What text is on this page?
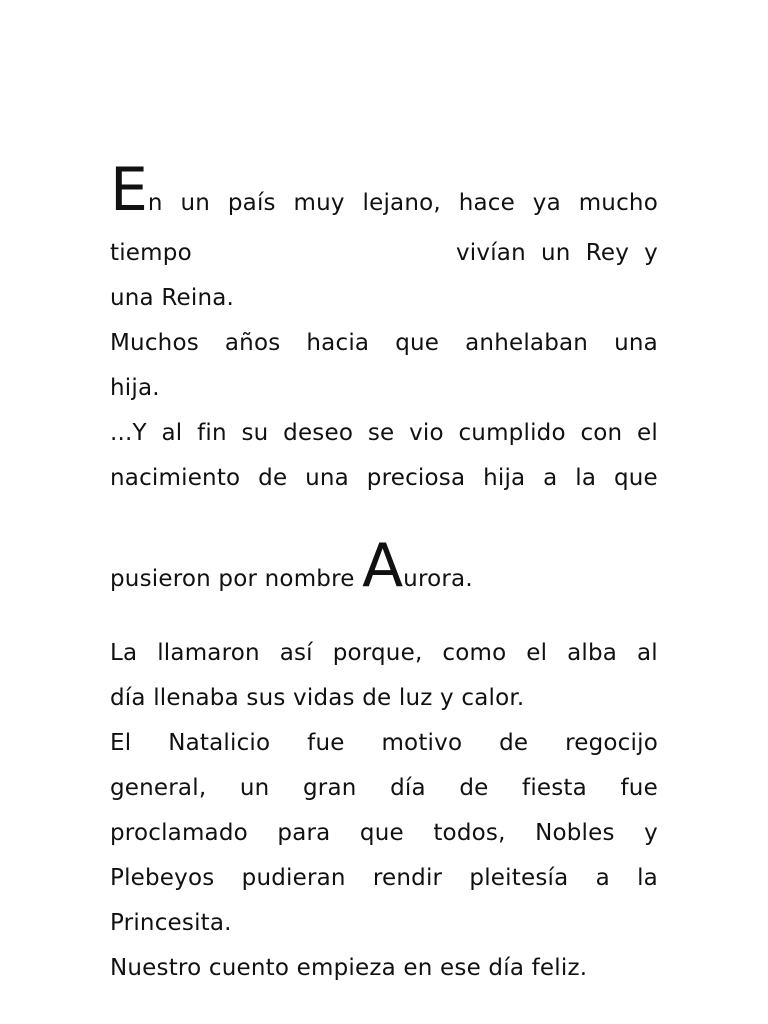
En un país muy lejano, hace ya mucho
tiempo	vivían un Rey y
una Reina.
Muchos años hacia que anhelaban una
hija.
...Y al fin su deseo se vio cumplido con el
nacimiento de una preciosa hija a la que
pusieron por nombre A urora.
La llamaron así porque, como el alba al
día llenaba sus vidas de luz y calor.
El Natalicio fue motivo de regocijo
general, un gran día de fiesta fue
proclamado para que todos, Nobles y
Plebeyos pudieran rendir pleitesía a la
Princesita.
Nuestro cuento empieza en ese día feliz.
